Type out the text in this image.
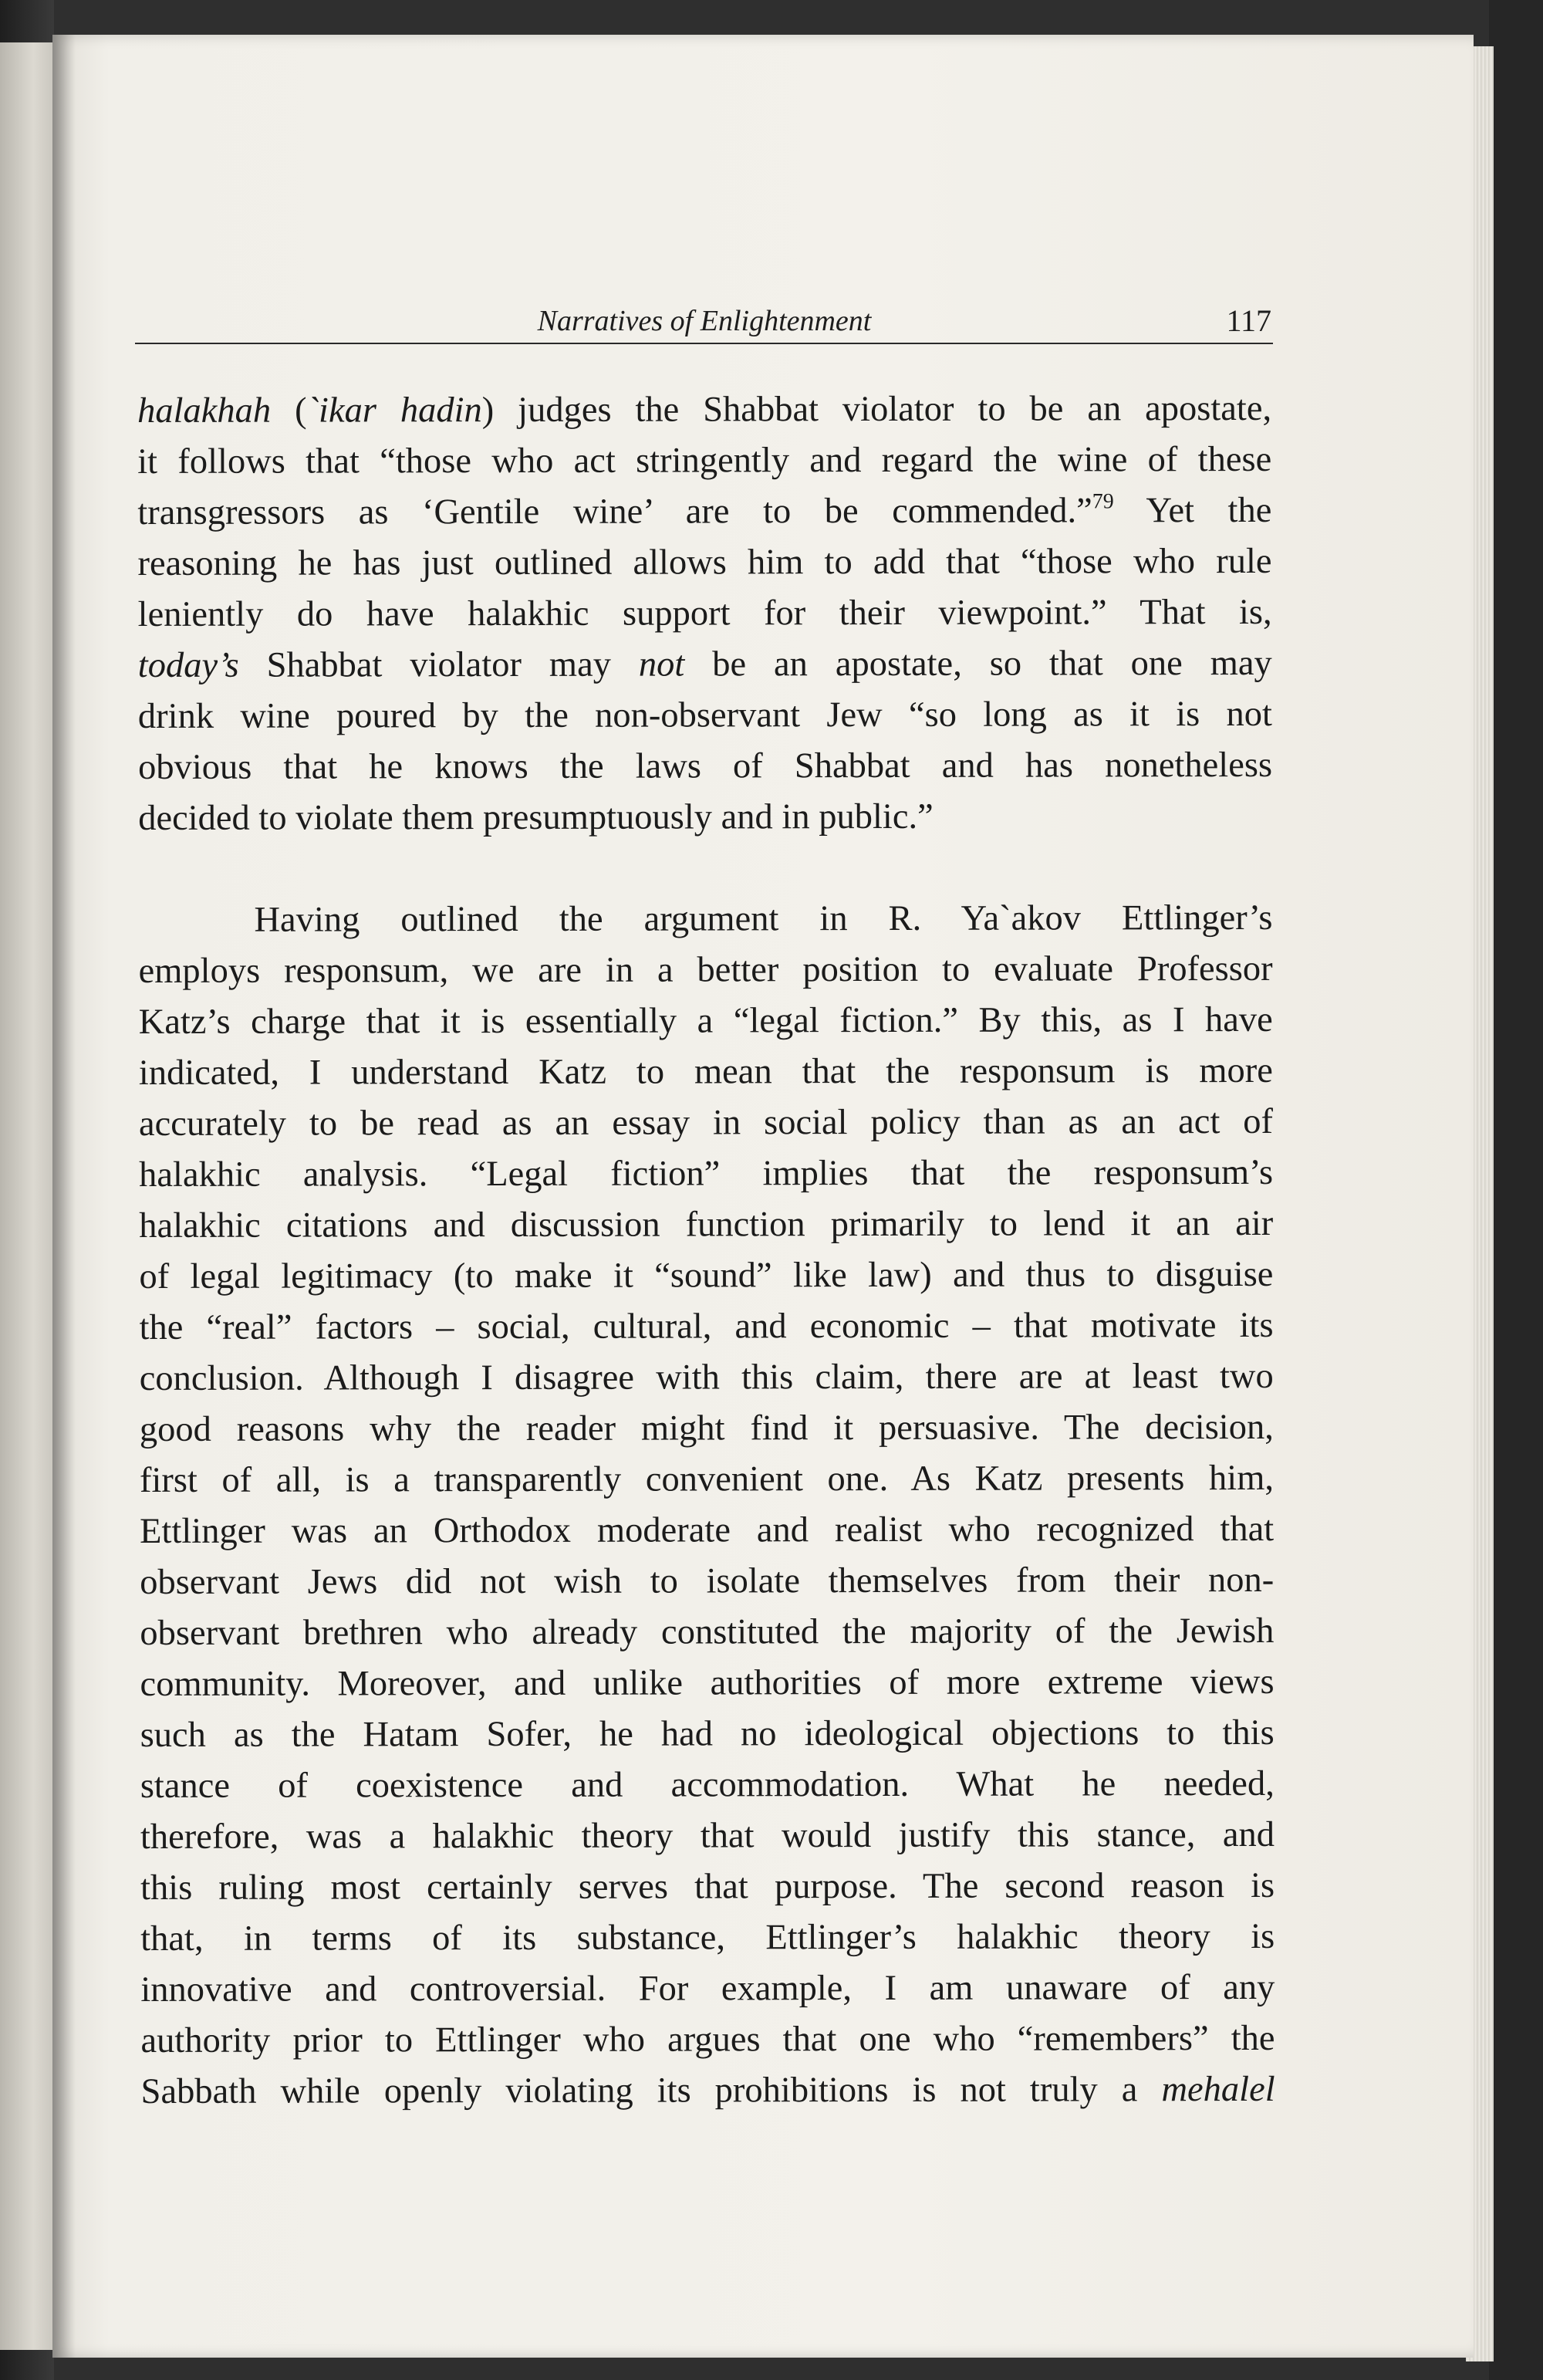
Narratives of Enlightenment	117

halakhah (`ikar hadin) judges the Shabbat violator to be an apostate,
it follows that “those who act stringently and regard the wine of these
transgressors as ‘Gentile wine’ are to be commended.”$^{79}$ Yet the
reasoning he has just outlined allows him to add that “those who rule
leniently do have halakhic support for their viewpoint.” That is,
today’s Shabbat violator may not be an apostate, so that one may
drink wine poured by the non-observant Jew “so long as it is not
obvious that he knows the laws of Shabbat and has nonetheless
decided to violate them presumptuously and in public.”

Having outlined the argument in R. Ya`akov Ettlinger’s
employs responsum, we are in a better position to evaluate Professor
Katz’s charge that it is essentially a “legal fiction.” By this, as I have
indicated, I understand Katz to mean that the responsum is more
accurately to be read as an essay in social policy than as an act of
halakhic analysis. “Legal fiction” implies that the responsum’s
halakhic citations and discussion function primarily to lend it an air
of legal legitimacy (to make it “sound” like law) and thus to disguise
the “real” factors – social, cultural, and economic – that motivate its
conclusion. Although I disagree with this claim, there are at least two
good reasons why the reader might find it persuasive. The decision,
first of all, is a transparently convenient one. As Katz presents him,
Ettlinger was an Orthodox moderate and realist who recognized that
observant Jews did not wish to isolate themselves from their non-
observant brethren who already constituted the majority of the Jewish
community. Moreover, and unlike authorities of more extreme views
such as the Hatam Sofer, he had no ideological objections to this
stance of coexistence and accommodation. What he needed,
therefore, was a halakhic theory that would justify this stance, and
this ruling most certainly serves that purpose. The second reason is
that, in terms of its substance, Ettlinger’s halakhic theory is
innovative and controversial. For example, I am unaware of any
authority prior to Ettlinger who argues that one who “remembers” the
Sabbath while openly violating its prohibitions is not truly a mehalel
